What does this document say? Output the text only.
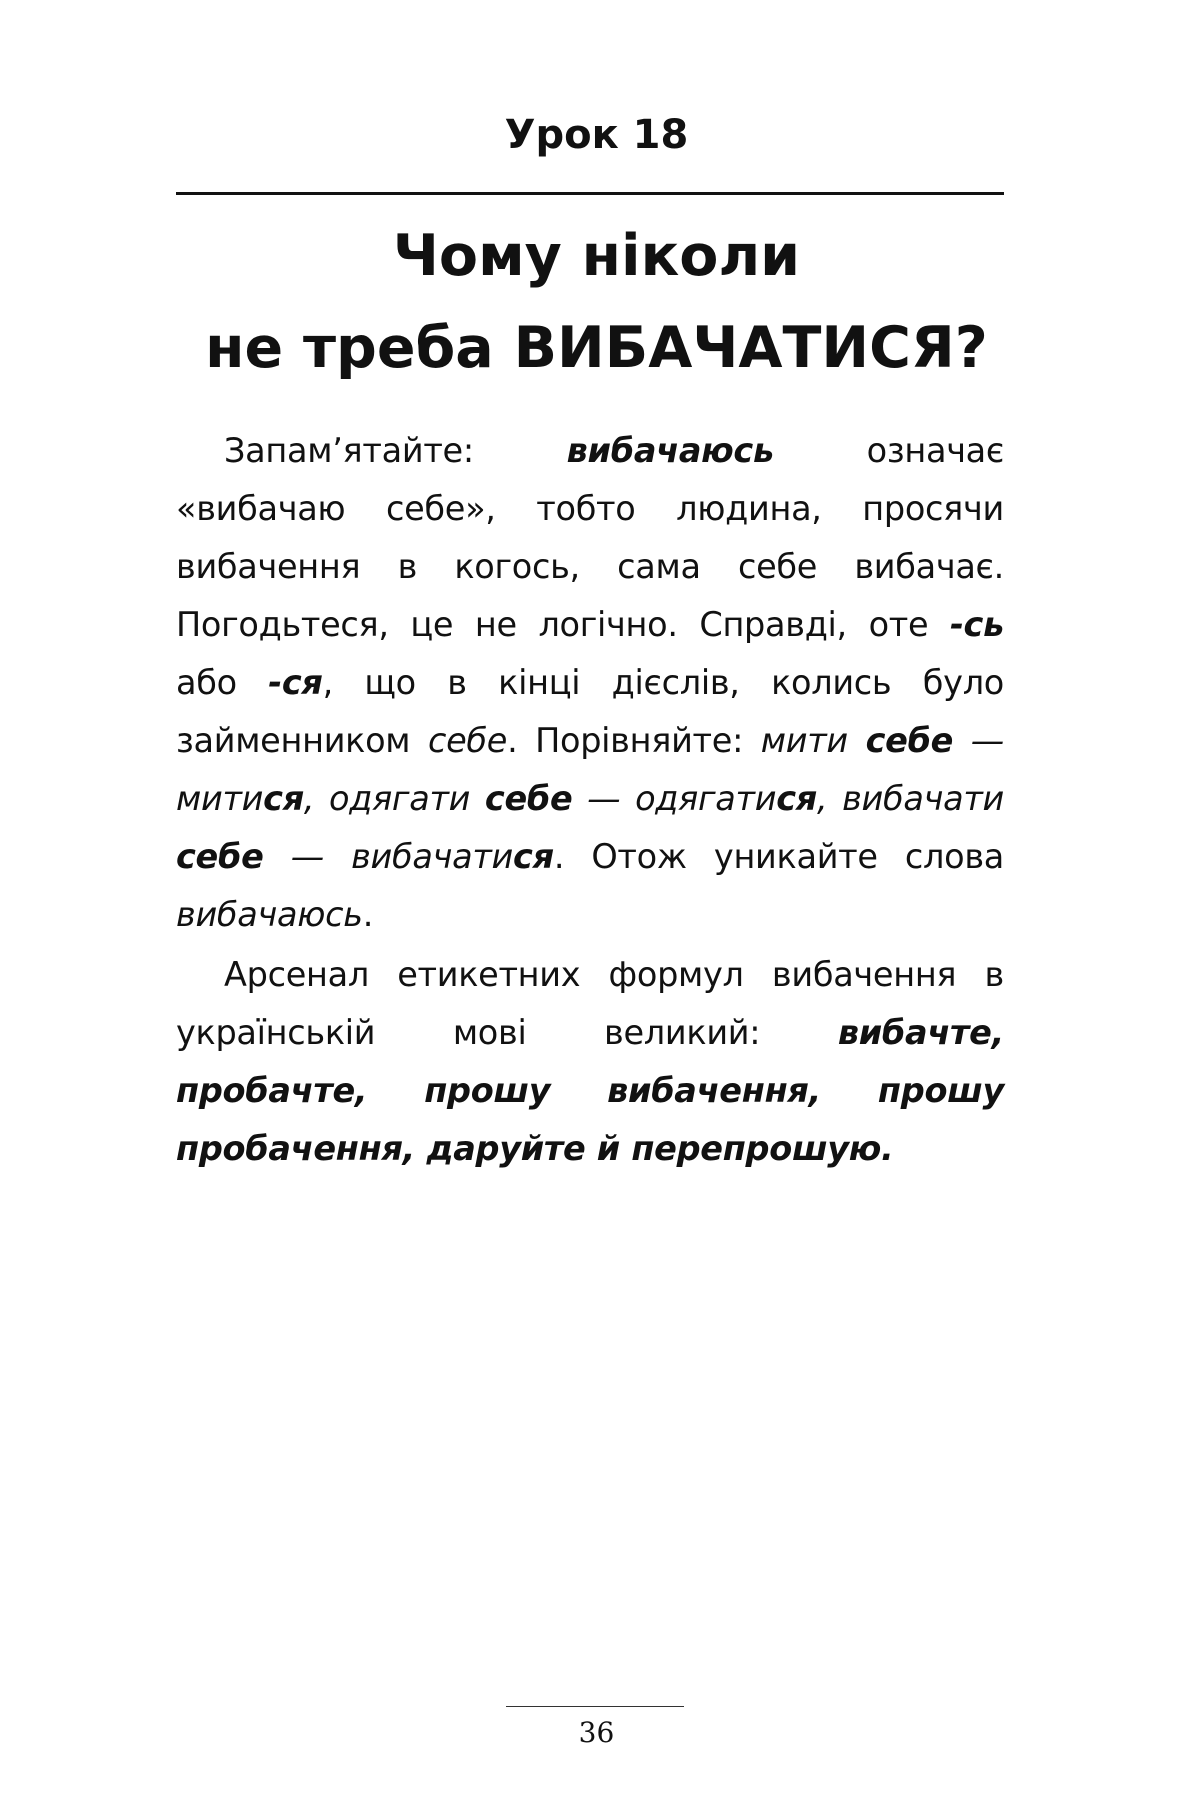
Урок 18
Чому ніколи
не треба ВИБАЧАТИСЯ?

Запам’ятайте: вибачаюсь означає «вибачаю себе», тобто людина, просячи вибачення в когось, сама себе вибачає. Погодьтеся, це не логічно. Справді, оте -сь або -ся, що в кінці дієслів, колись було займенником себе. Порівняйте: мити себе — митися, одягати себе — одягатися, вибачати себе — вибачатися. Отож уникайте слова вибачаюсь.

Арсенал етикетних формул вибачення в українській мові великий: вибачте, пробачте, прошу вибачення, прошу пробачення, даруйте й перепрошую.

36
